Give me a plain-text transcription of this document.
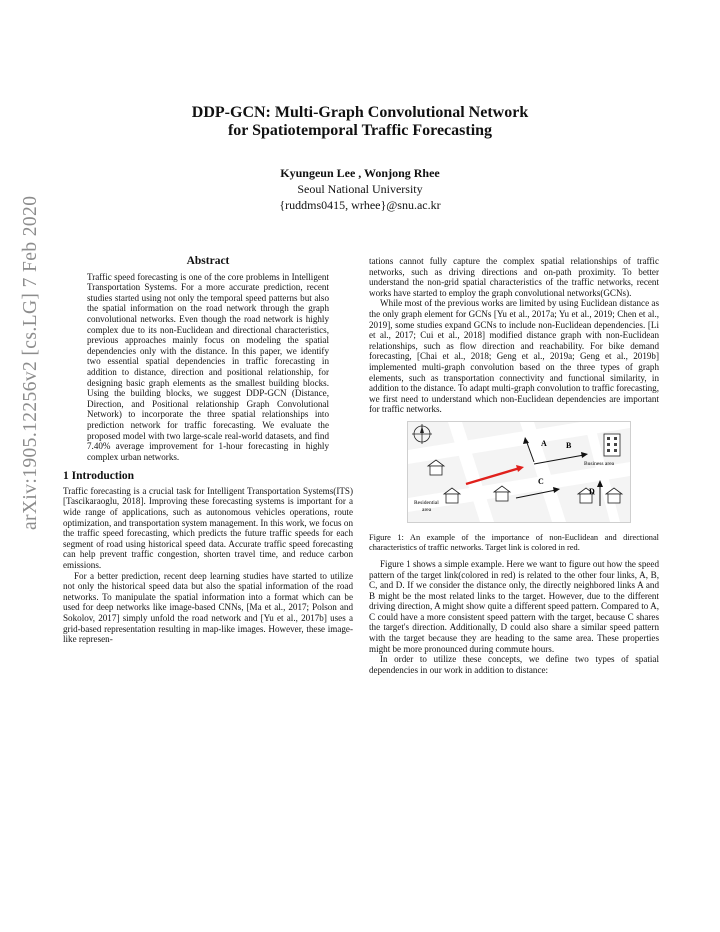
arXiv:1905.12256v2 [cs.LG] 7 Feb 2020
DDP-GCN: Multi-Graph Convolutional Network
for Spatiotemporal Traffic Forecasting
Kyungeun Lee , Wonjong Rhee
Seoul National University
{ruddms0415, wrhee}@snu.ac.kr
Abstract

Traffic speed forecasting is one of the core problems in Intelligent Transportation Systems. For a more accurate prediction, recent studies started using not only the temporal speed patterns but also the spatial information on the road network through the graph convolutional networks. Even though the road network is highly complex due to its non-Euclidean and directional characteristics, previous approaches mainly focus on modeling the spatial dependencies only with the distance. In this paper, we identify two essential spatial dependencies in traffic forecasting in addition to distance, direction and positional relationship, for designing basic graph elements as the smallest building blocks. Using the building blocks, we suggest DDP-GCN (Distance, Direction, and Positional relationship Graph Convolutional Network) to incorporate the three spatial relationships into prediction network for traffic forecasting. We evaluate the proposed model with two large-scale real-world datasets, and find 7.40% average improvement for 1-hour forecasting in highly complex urban networks.

1 Introduction

Traffic forecasting is a crucial task for Intelligent Transportation Systems(ITS) [Tascikaraoglu, 2018]. Improving these forecasting systems is important for a wide range of applications, such as autonomous vehicles operations, route optimization, and transportation system management. In this work, we focus on the traffic speed forecasting, which predicts the future traffic speeds for each segment of road using historical speed data. Accurate traffic speed forecasting can help prevent traffic congestion, shorten travel time, and reduce carbon emissions.

For a better prediction, recent deep learning studies have started to utilize not only the historical speed data but also the spatial information of the road networks. To manipulate the spatial information into a format which can be used for deep networks like image-based CNNs, [Ma et al., 2017; Polson and Sokolov, 2017] simply unfold the road network and [Yu et al., 2017b] uses a grid-based representation resulting in map-like images. However, these image-like represen-

tations cannot fully capture the complex spatial relationships of traffic networks, such as driving directions and on-path proximity. To better understand the non-grid spatial characteristics of the traffic networks, recent works have started to employ the graph convolutional networks(GCNs).

While most of the previous works are limited by using Euclidean distance as the only graph element for GCNs [Yu et al., 2017a; Yu et al., 2019; Chen et al., 2019], some studies expand GCNs to include non-Euclidean dependencies. [Li et al., 2017; Cui et al., 2018] modified distance graph with non-Euclidean relationships, such as flow direction and reachability. For bike demand forecasting, [Chai et al., 2018; Geng et al., 2019a; Geng et al., 2019b] implemented multi-graph convolution based on the three types of graph elements, such as transportation connectivity and functional similarity, in addition to the distance. To adapt multi-graph convolution to traffic forecasting, we first need to understand which non-Euclidean dependencies are important for traffic networks.

A B
C
D
Business area
Residential
area

Figure 1: An example of the importance of non-Euclidean and directional characteristics of traffic networks. Target link is colored in red.

Figure 1 shows a simple example. Here we want to figure out how the speed pattern of the target link(colored in red) is related to the other four links, A, B, C, and D. If we consider the distance only, the directly neighbored links A and B might be the most related links to the target. However, due to the different driving direction, A might show quite a different speed pattern. Compared to A, C could have a more consistent speed pattern with the target, because C shares the target's direction. Additionally, D could also share a similar speed pattern with the target because they are heading to the same area. These properties might be more pronounced during commute hours.

In order to utilize these concepts, we define two types of spatial dependencies in our work in addition to distance:
